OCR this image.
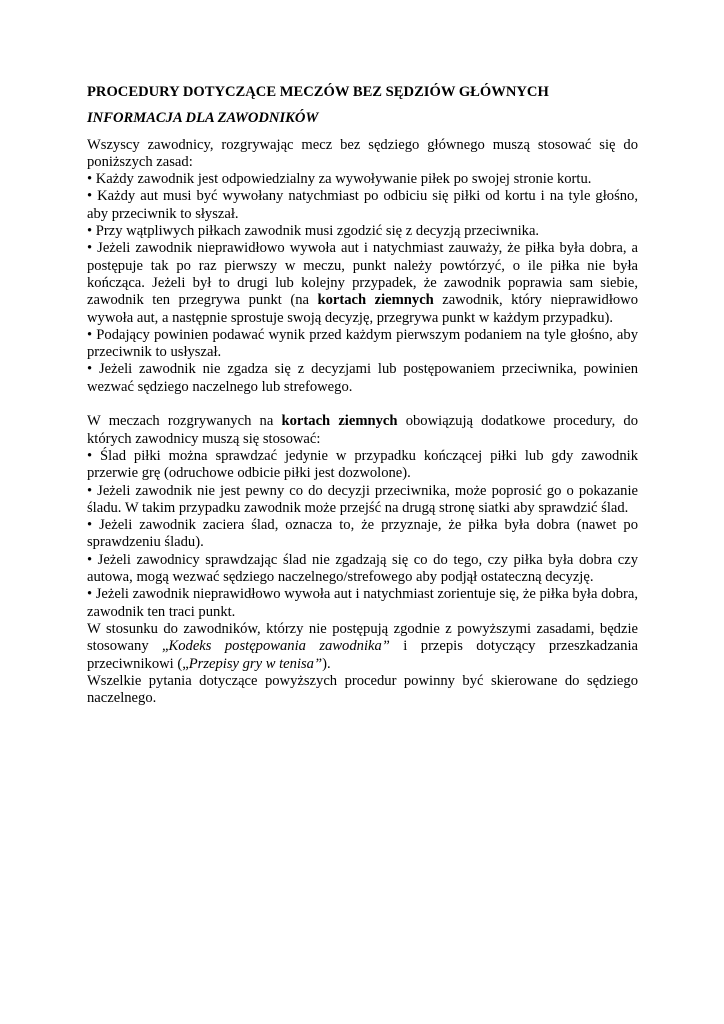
PROCEDURY DOTYCZĄCE MECZÓW BEZ SĘDZIÓW GŁÓWNYCH
INFORMACJA DLA ZAWODNIKÓW
Wszyscy zawodnicy, rozgrywając mecz bez sędziego głównego muszą stosować się do
poniższych zasad:
• Każdy zawodnik jest odpowiedzialny za wywoływanie piłek po swojej stronie kortu.
• Każdy aut musi być wywołany natychmiast po odbiciu się piłki od kortu i na tyle głośno,
aby przeciwnik to słyszał.
• Przy wątpliwych piłkach zawodnik musi zgodzić się z decyzją przeciwnika.
• Jeżeli zawodnik nieprawidłowo wywoła aut i natychmiast zauważy, że piłka była dobra, a
postępuje tak po raz pierwszy w meczu, punkt należy powtórzyć, o ile piłka nie była
kończąca. Jeżeli był to drugi lub kolejny przypadek, że zawodnik poprawia sam siebie,
zawodnik ten przegrywa punkt (na kortach ziemnych zawodnik, który nieprawidłowo
wywoła aut, a następnie sprostuje swoją decyzję, przegrywa punkt w każdym przypadku).
• Podający powinien podawać wynik przed każdym pierwszym podaniem na tyle głośno, aby
przeciwnik to usłyszał.
• Jeżeli zawodnik nie zgadza się z decyzjami lub postępowaniem przeciwnika, powinien
wezwać sędziego naczelnego lub strefowego.
W meczach rozgrywanych na kortach ziemnych obowiązują dodatkowe procedury, do
których zawodnicy muszą się stosować:
• Ślad piłki można sprawdzać jedynie w przypadku kończącej piłki lub gdy zawodnik
przerwie grę (odruchowe odbicie piłki jest dozwolone).
• Jeżeli zawodnik nie jest pewny co do decyzji przeciwnika, może poprosić go o pokazanie
śladu. W takim przypadku zawodnik może przejść na drugą stronę siatki aby sprawdzić ślad.
• Jeżeli zawodnik zaciera ślad, oznacza to, że przyznaje, że piłka była dobra (nawet po
sprawdzeniu śladu).
• Jeżeli zawodnicy sprawdzając ślad nie zgadzają się co do tego, czy piłka była dobra czy
autowa, mogą wezwać sędziego naczelnego/strefowego aby podjął ostateczną decyzję.
• Jeżeli zawodnik nieprawidłowo wywoła aut i natychmiast zorientuje się, że piłka była dobra,
zawodnik ten traci punkt.
W stosunku do zawodników, którzy nie postępują zgodnie z powyższymi zasadami, będzie
stosowany „Kodeks postępowania zawodnika” i przepis dotyczący przeszkadzania
przeciwnikowi („Przepisy gry w tenisa”).
Wszelkie pytania dotyczące powyższych procedur powinny być skierowane do sędziego
naczelnego.
